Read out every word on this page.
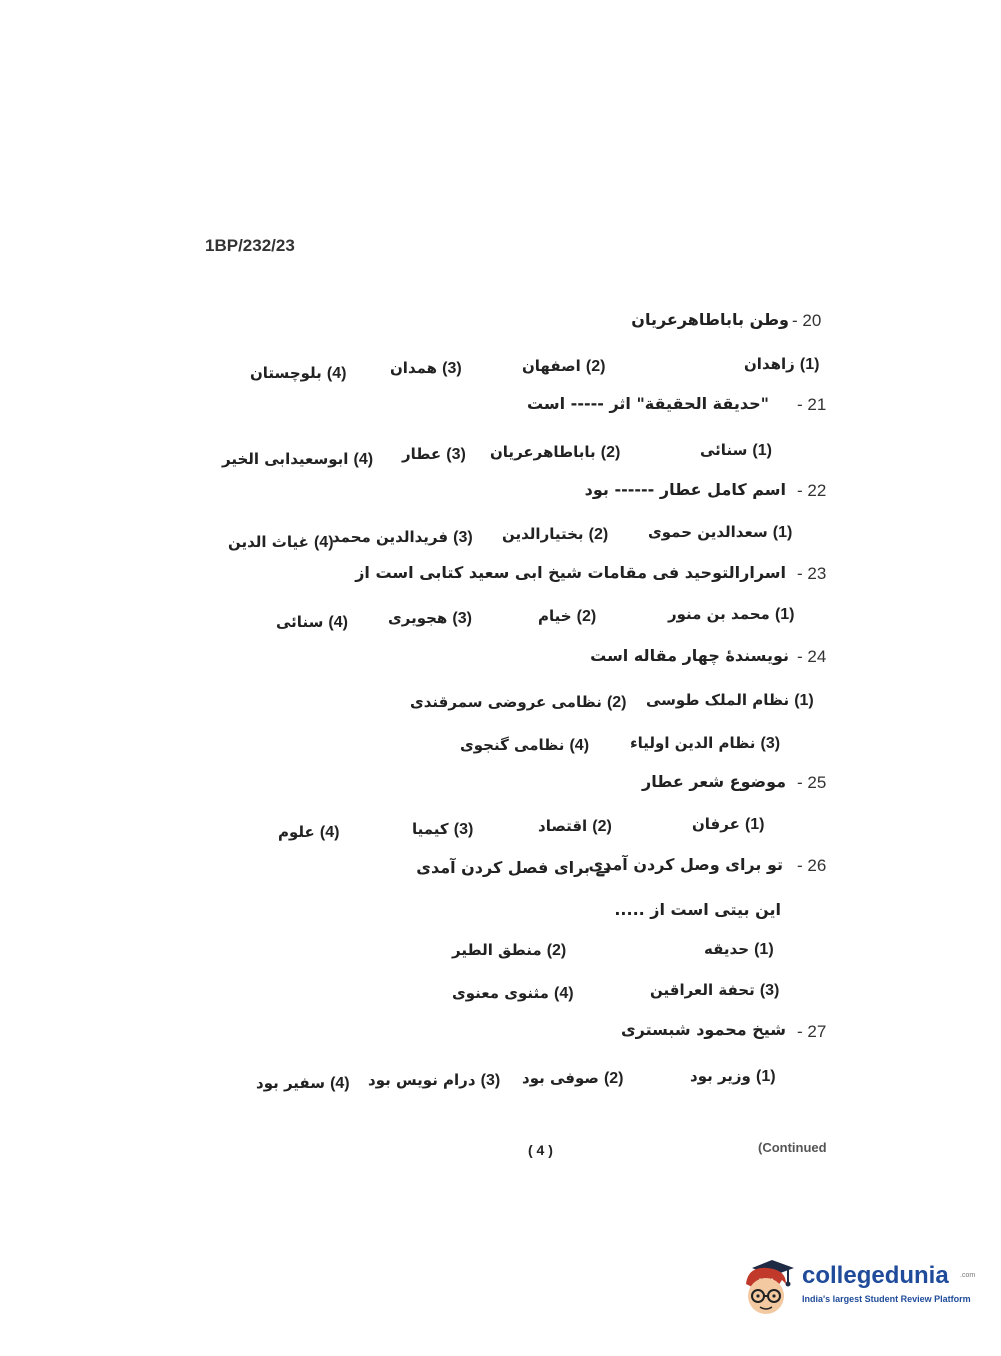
1BP/232/23
- 20
وطن باباطاهرعریان
زاهدان (1)
اصفهان (2)
همدان (3)
بلوچستان (4)
- 21
"حدیقة الحقیقة" اثر ----- است
سنائی (1)
باباطاهرعریان (2)
عطار (3)
ابوسعیدابی الخیر (4)
- 22
اسم کامل عطار ------ بود
سعدالدین حموی (1)
بختیارالدین (2)
فریدالدین محمد (3)
غیاث الدین (4)
- 23
اسرارالتوحید فی مقامات شیخ ابی سعید کتابی است از
محمد بن منور (1)
خیام (2)
هجویری (3)
سنائی (4)
- 24
نویسندهٔ چهار مقاله است
نظام الملک طوسی (1)
نظامی عروضی سمرقندی (2)
نظام الدین اولیاء (3)
نظامی گنجوی (4)
- 25
موضوع شعر عطار
عرفان (1)
اقتصاد (2)
کیمیا (3)
علوم (4)
- 26
تو برای وصل کردن آمدی
نے برای فصل کردن آمدی
این بیتی است از .....
حدیقه (1)
منطق الطیر (2)
تحفة العراقین (3)
مثنوی معنوی (4)
- 27
شیخ محمود شبستری
وزیر بود (1)
صوفی بود (2)
درام نویس بود (3)
سفیر بود (4)
( 4 )	(Continued
collegedunia .com
India's largest Student Review Platform
